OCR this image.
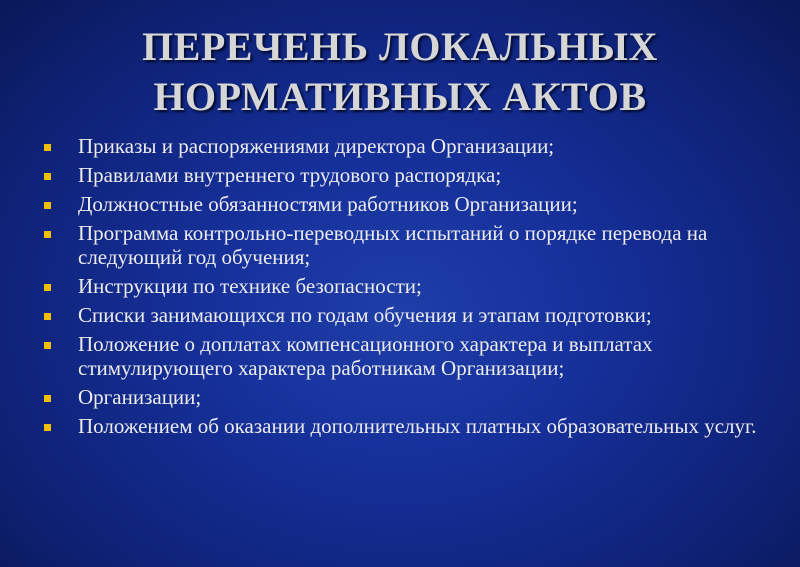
ПЕРЕЧЕНЬ ЛОКАЛЬНЫХ
НОРМАТИВНЫХ АКТОВ
Приказы и распоряжениями директора Организации;
Правилами внутреннего трудового распорядка;
Должностные обязанностями работников Организации;
Программа контрольно-переводных испытаний о порядке перевода на следующий год обучения;
Инструкции по технике безопасности;
Списки занимающихся по годам обучения и этапам подготовки;
Положение о доплатах компенсационного характера и выплатах стимулирующего характера работникам Организации;
Организации;
Положением об оказании дополнительных платных образовательных услуг.
